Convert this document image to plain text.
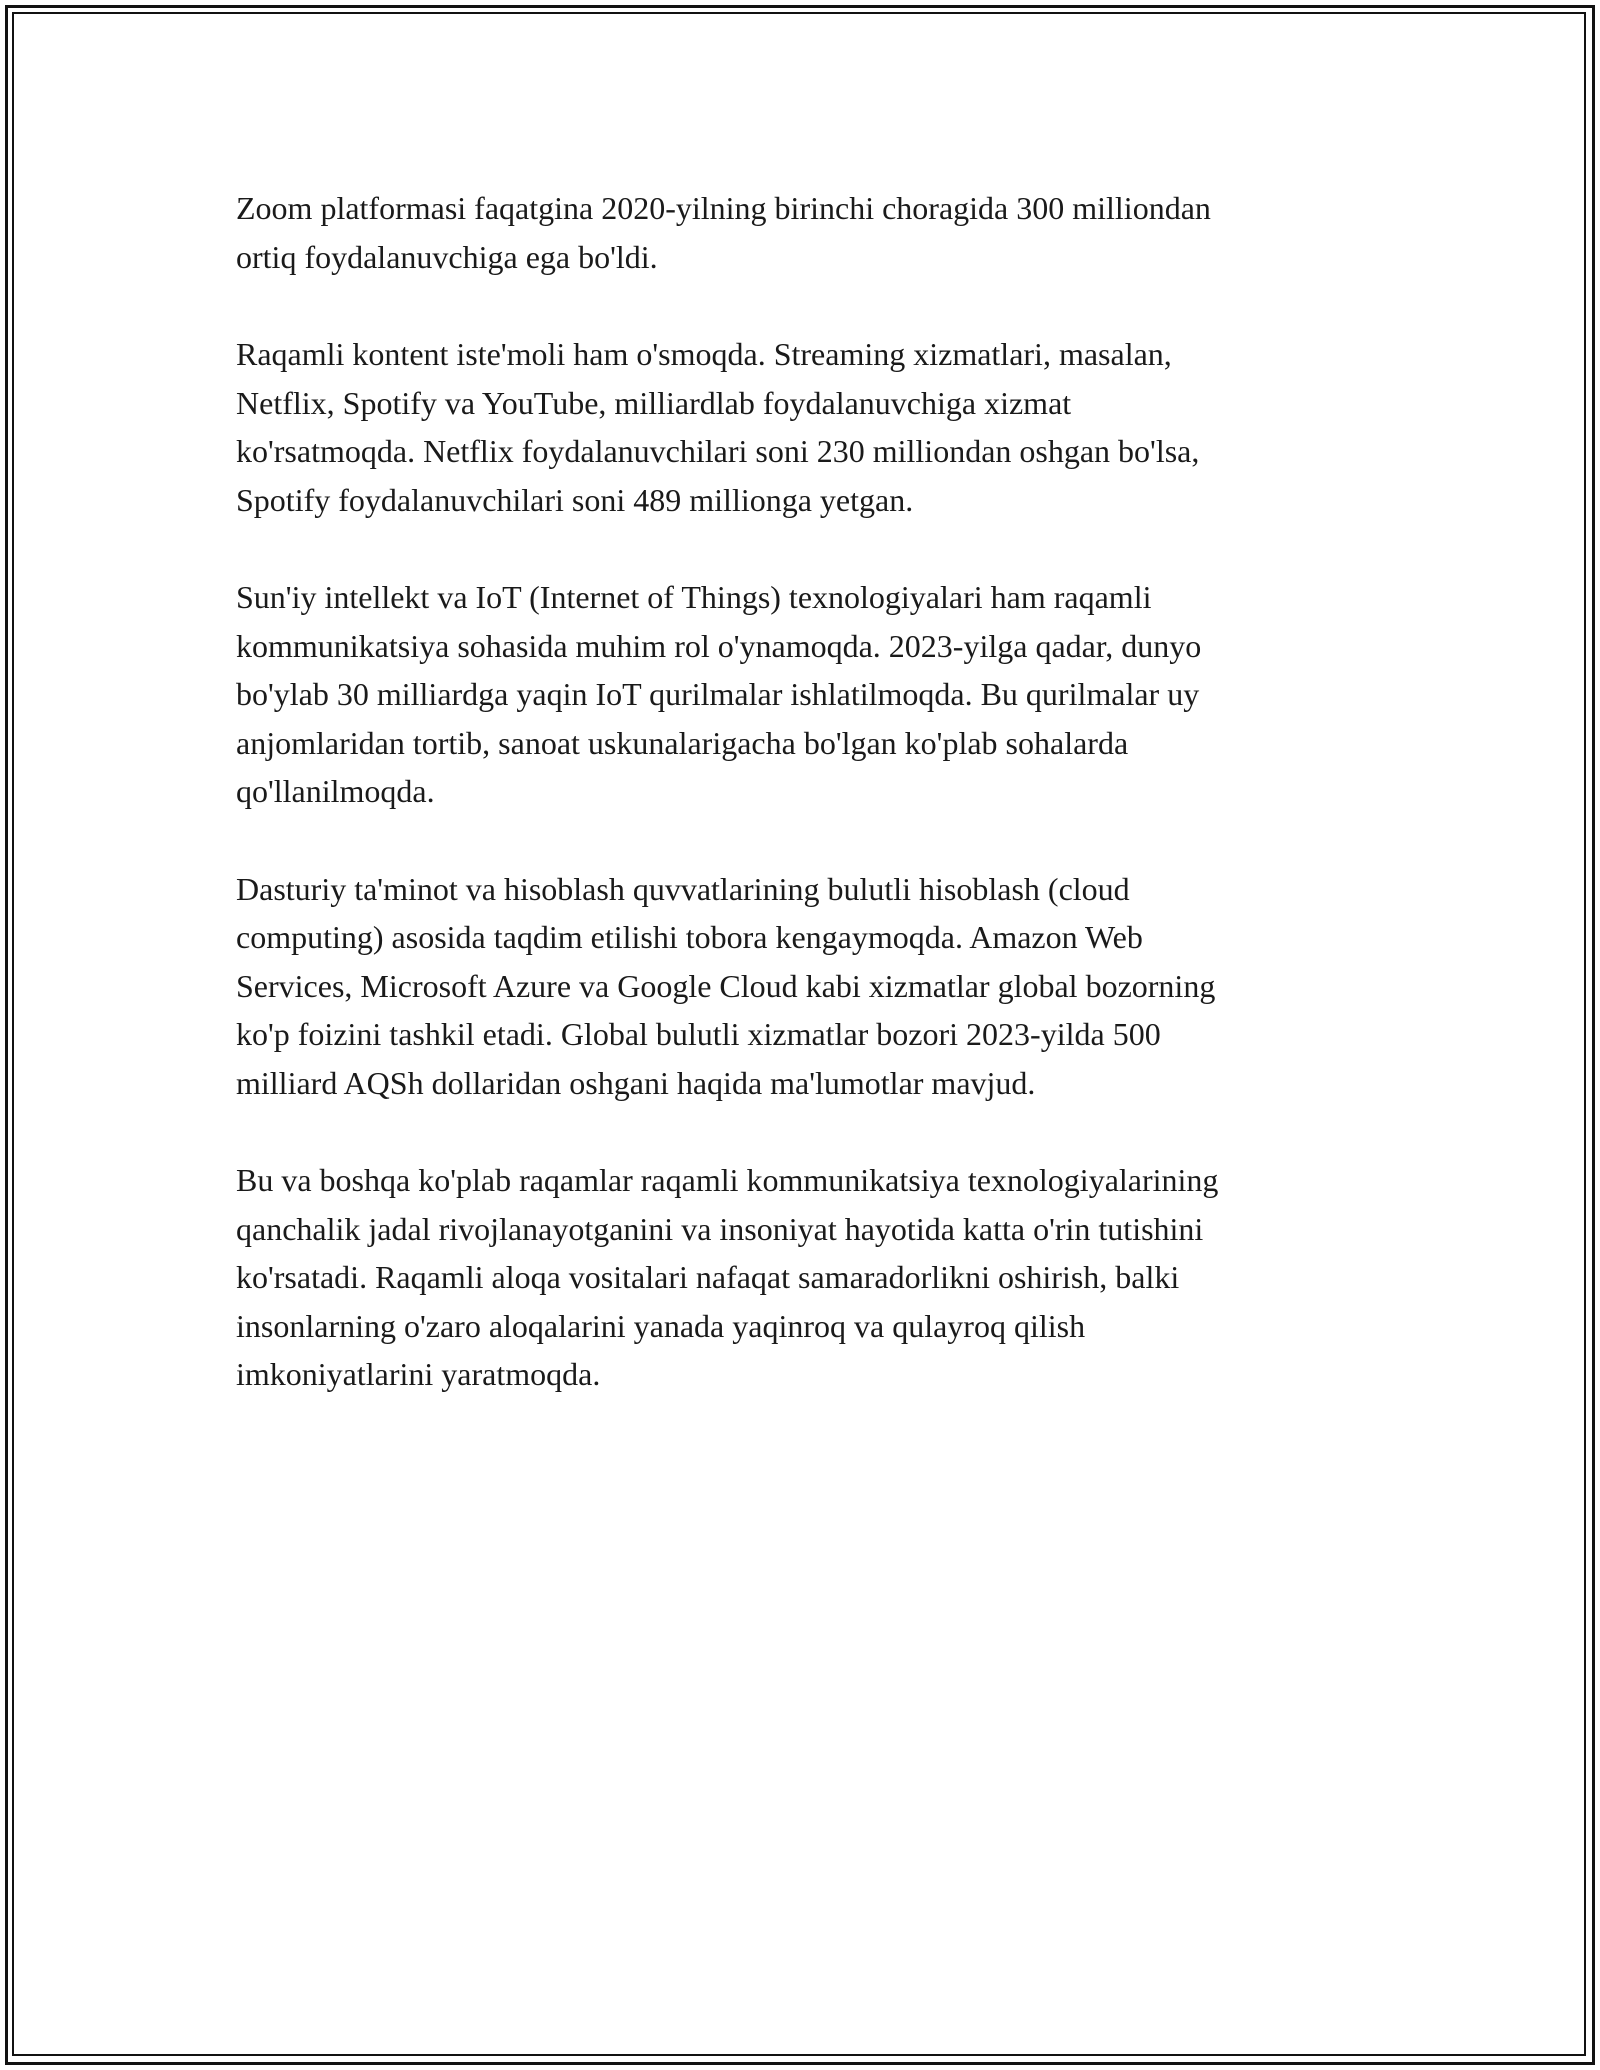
Zoom platformasi faqatgina 2020-yilning birinchi choragida 300 milliondan
ortiq foydalanuvchiga ega bo'ldi.

Raqamli kontent iste'moli ham o'smoqda. Streaming xizmatlari, masalan,
Netflix, Spotify va YouTube, milliardlab foydalanuvchiga xizmat
ko'rsatmoqda. Netflix foydalanuvchilari soni 230 milliondan oshgan bo'lsa,
Spotify foydalanuvchilari soni 489 millionga yetgan.

Sun'iy intellekt va IoT (Internet of Things) texnologiyalari ham raqamli
kommunikatsiya sohasida muhim rol o'ynamoqda. 2023-yilga qadar, dunyo
bo'ylab 30 milliardga yaqin IoT qurilmalar ishlatilmoqda. Bu qurilmalar uy
anjomlaridan tortib, sanoat uskunalarigacha bo'lgan ko'plab sohalarda
qo'llanilmoqda.

Dasturiy ta'minot va hisoblash quvvatlarining bulutli hisoblash (cloud
computing) asosida taqdim etilishi tobora kengaymoqda. Amazon Web
Services, Microsoft Azure va Google Cloud kabi xizmatlar global bozorning
ko'p foizini tashkil etadi. Global bulutli xizmatlar bozori 2023-yilda 500
milliard AQSh dollaridan oshgani haqida ma'lumotlar mavjud.

Bu va boshqa ko'plab raqamlar raqamli kommunikatsiya texnologiyalarining
qanchalik jadal rivojlanayotganini va insoniyat hayotida katta o'rin tutishini
ko'rsatadi. Raqamli aloqa vositalari nafaqat samaradorlikni oshirish, balki
insonlarning o'zaro aloqalarini yanada yaqinroq va qulayroq qilish
imkoniyatlarini yaratmoqda.
